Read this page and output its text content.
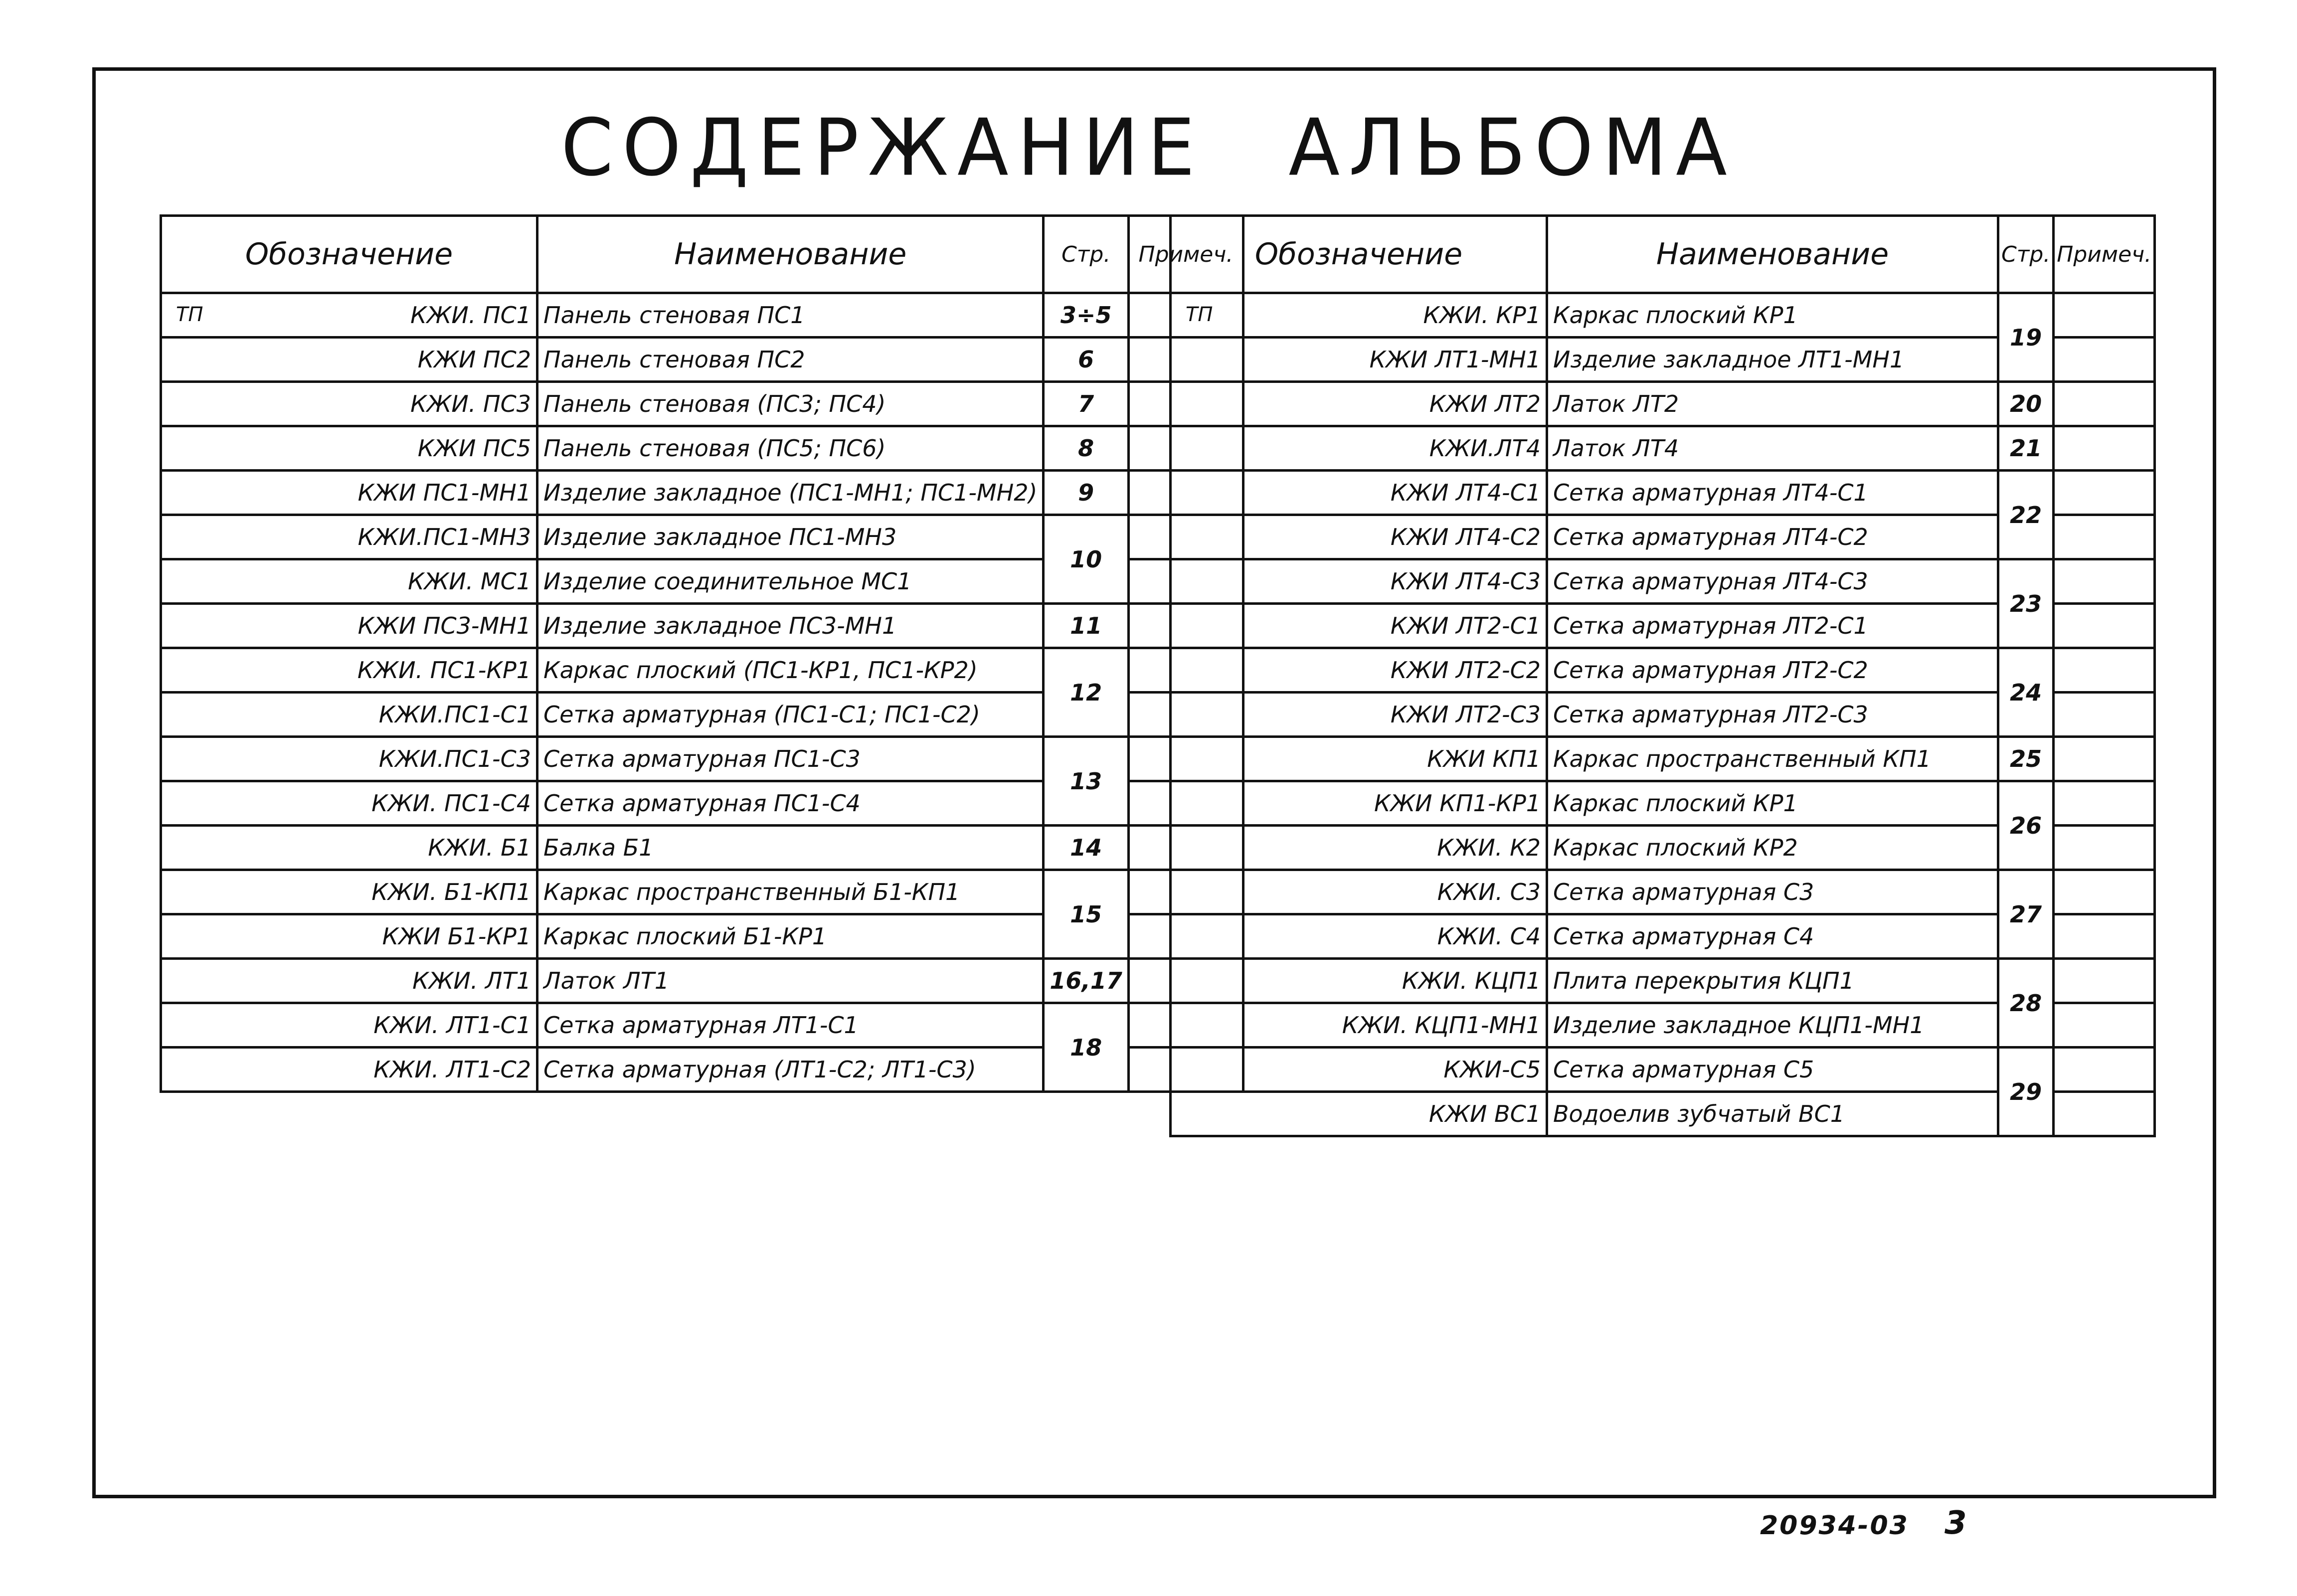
СОДЕРЖАНИЕ АЛЬБОМА
Обозначение	Наименование	Стр.	Примеч.

ТП КЖИ. ПС1	Панель стеновая ПС1	3÷5	
КЖИ ПС2	Панель стеновая ПС2	6	
КЖИ. ПС3	Панель стеновая (ПС3; ПС4)	7	
КЖИ ПС5	Панель стеновая (ПС5; ПС6)	8	
КЖИ ПС1-МН1	Изделие закладное (ПС1-МН1; ПС1-МН2)	9	
КЖИ.ПС1-МН3	Изделие закладное ПС1-МН3	10	
КЖИ. МС1	Изделие соединительное МС1		
КЖИ ПС3-МН1	Изделие закладное ПС3-МН1	11	
КЖИ. ПС1-КР1	Каркас плоский (ПС1-КР1, ПС1-КР2)	12	
КЖИ.ПС1-С1	Сетка арматурная (ПС1-С1; ПС1-С2)		
КЖИ.ПС1-С3	Сетка арматурная ПС1-С3	13	
КЖИ. ПС1-С4	Сетка арматурная ПС1-С4		
КЖИ. Б1	Балка Б1	14	
КЖИ. Б1-КП1	Каркас пространственный Б1-КП1	15	
КЖИ Б1-КР1	Каркас плоский Б1-КР1		
КЖИ. ЛТ1	Латок ЛТ1	16,17	
КЖИ. ЛТ1-С1	Сетка арматурная ЛТ1-С1	18	
КЖИ. ЛТ1-С2	Сетка арматурная (ЛТ1-С2; ЛТ1-С3)		
Обозначение	Наименование	Стр.	Примеч.

ТП КЖИ. КР1	Каркас плоский КР1	19	
КЖИ ЛТ1-МН1	Изделие закладное ЛТ1-МН1		
КЖИ ЛТ2	Латок ЛТ2	20	
КЖИ.ЛТ4	Латок ЛТ4	21	
КЖИ ЛТ4-С1	Сетка арматурная ЛТ4-С1	22	
КЖИ ЛТ4-С2	Сетка арматурная ЛТ4-С2		
КЖИ ЛТ4-С3	Сетка арматурная ЛТ4-С3	23	
КЖИ ЛТ2-С1	Сетка арматурная ЛТ2-С1		
КЖИ ЛТ2-С2	Сетка арматурная ЛТ2-С2	24	
КЖИ ЛТ2-С3	Сетка арматурная ЛТ2-С3		
КЖИ КП1	Каркас пространственный КП1	25	
КЖИ КП1-КР1	Каркас плоский КР1	26	
КЖИ. К2	Каркас плоский КР2		
КЖИ. С3	Сетка арматурная С3	27	
КЖИ. С4	Сетка арматурная С4		
КЖИ. КЦП1	Плита перекрытия КЦП1	28	
КЖИ. КЦП1-МН1	Изделие закладное КЦП1-МН1		
КЖИ-С5	Сетка арматурная С5	29	
КЖИ ВС1	Водоелив зубчатый ВС1		
20934-03 3
